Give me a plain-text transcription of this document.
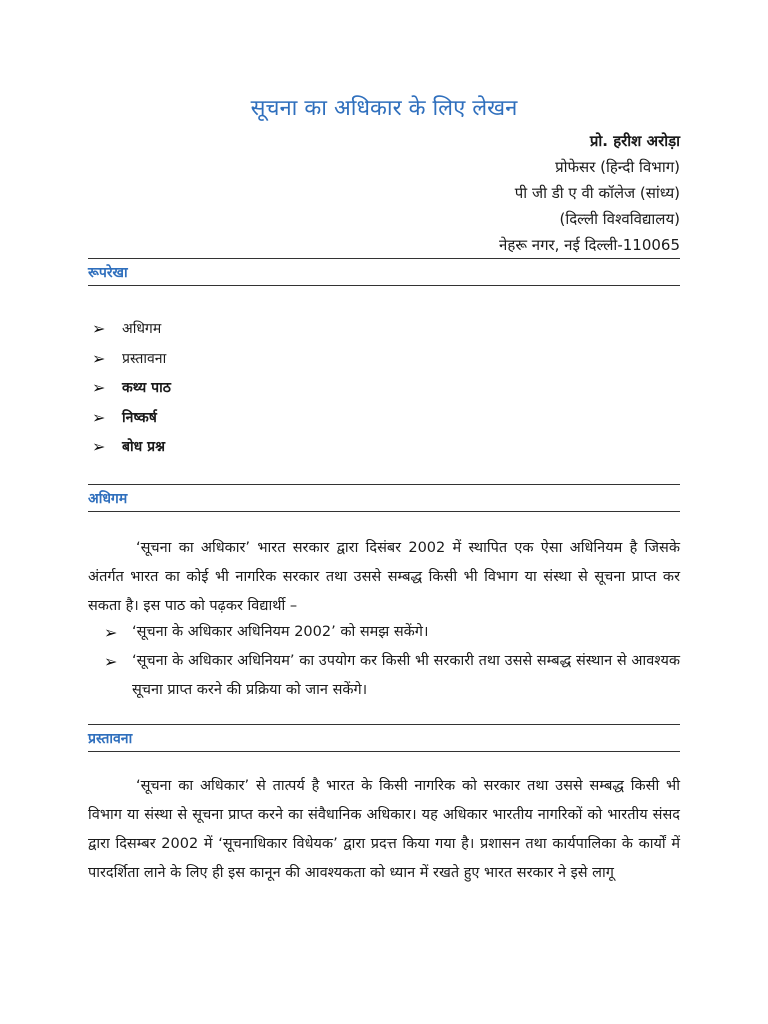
सूचना का अधिकार के लिए लेखन
प्रो. हरीश अरोड़ा
प्रोफेसर (हिन्दी विभाग)
पी जी डी ए वी कॉलेज (सांध्य)
(दिल्ली विश्वविद्यालय)
नेहरू नगर, नई दिल्ली-110065
रूपरेखा
➢	अधिगम
➢	प्रस्तावना
➢	कथ्य पाठ
➢	निष्कर्ष
➢	बोध प्रश्न
अधिगम
‘सूचना का अधिकार’ भारत सरकार द्वारा दिसंबर 2002 में स्थापित एक ऐसा अधिनियम है जिसके अंतर्गत भारत का कोई भी नागरिक सरकार तथा उससे सम्बद्ध किसी भी विभाग या संस्था से सूचना प्राप्त कर सकता है। इस पाठ को पढ़कर विद्यार्थी –
➢	‘सूचना के अधिकार अधिनियम 2002’ को समझ सकेंगे।
➢	‘सूचना के अधिकार अधिनियम’ का उपयोग कर किसी भी सरकारी तथा उससे सम्बद्ध संस्थान से आवश्यक सूचना प्राप्त करने की प्रक्रिया को जान सकेंगे।
प्रस्तावना
‘सूचना का अधिकार’ से तात्पर्य है भारत के किसी नागरिक को सरकार तथा उससे सम्बद्ध किसी भी विभाग या संस्था से सूचना प्राप्त करने का संवैधानिक अधिकार। यह अधिकार भारतीय नागरिकों को भारतीय संसद द्वारा दिसम्बर 2002 में ‘सूचनाधिकार विधेयक’ द्वारा प्रदत्त किया गया है। प्रशासन तथा कार्यपालिका के कार्यों में पारदर्शिता लाने के लिए ही इस कानून की आवश्यकता को ध्यान में रखते हुए भारत सरकार ने इसे लागू
